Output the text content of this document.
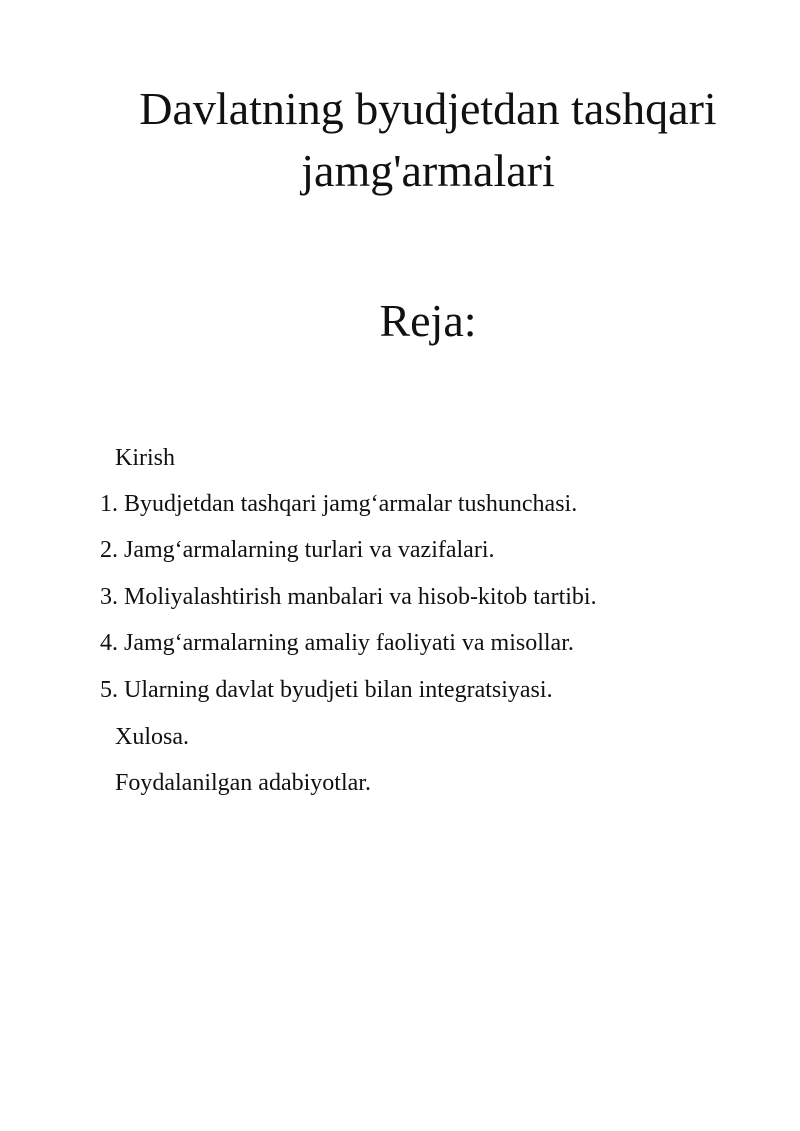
Davlatning byudjetdan tashqari
jamg'armalari
Reja:
Kirish
1. Byudjetdan tashqari jamg‘armalar tushunchasi.
2. Jamg‘armalarning turlari va vazifalari.
3. Moliyalashtirish manbalari va hisob-kitob tartibi.
4. Jamg‘armalarning amaliy faoliyati va misollar.
5. Ularning davlat byudjeti bilan integratsiyasi.
Xulosa.
Foydalanilgan adabiyotlar.
